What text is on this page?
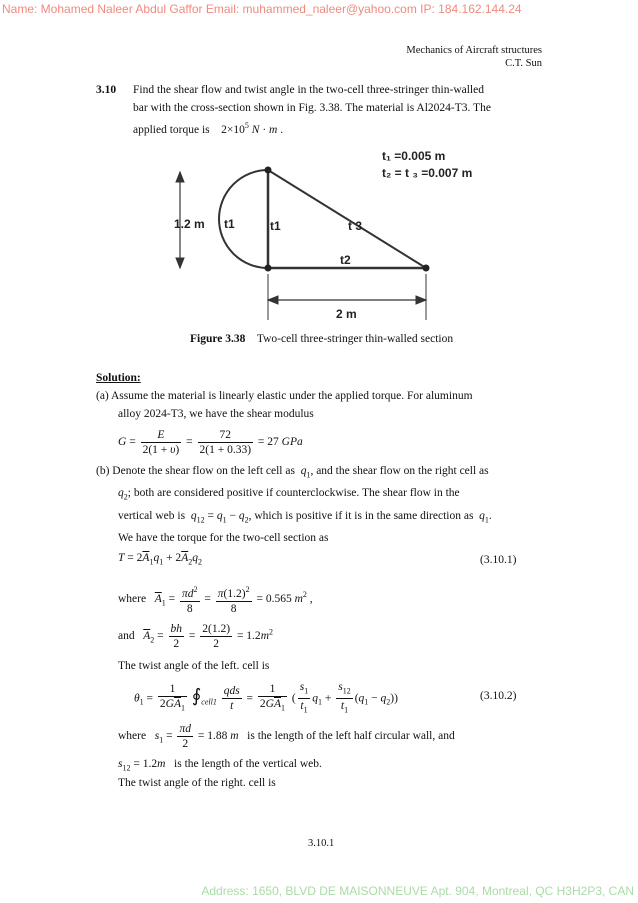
Name: Mohamed Naleer Abdul Gaffor Email: muhammed_naleer@yahoo.com IP: 184.162.144.24
Mechanics of Aircraft structures
C.T. Sun
3.10 Find the shear flow and twist angle in the two-cell three-stringer thin-walled
bar with the cross-section shown in Fig. 3.38. The material is Al2024-T3. The
applied torque is    $2\times 10^5$ N · m .
t₁ =0.005 m
t₂ = t ₃ =0.007 m
1.2 m t1	t1	t 3
t2
2 m
Figure 3.38 Two-cell three-stringer thin-walled section
Solution:
(a) Assume the material is linearly elastic under the applied torque. For aluminum
alloy 2024-T3, we have the shear modulus
$G = \frac{E}{2(1 + \upsilon)} = \frac{72}{2(1 + 0.33)} = 27$ GPa
(b) Denote the shear flow on the left cell as $q_1$, and the shear flow on the right cell as
$q_2$; both are considered positive if counterclockwise. The shear flow in the
vertical web is $q_{12} = q_1 - q_2$, which is positive if it is in the same direction as $q_1$.
We have the torque for the two-cell section as
$T = 2\overline{A}_1q_1 + 2\overline{A}_2q_2$	(3.10.1)
where $\overline{A}_1 = \frac{\pi d^2}{8} = \frac{\pi(1.2)^2}{8} = 0.565$ $m^2$ ,
and $\overline{A}_2 = \frac{bh}{2} = \frac{2(1.2)}{2} = 1.2m^2$
The twist angle of the left. cell is
$\theta_1 = \frac{1}{2G\overline{A}_1}$ $∮_{cell1} \frac{\text{qds}}{t} = \frac{1}{2G\overline{A}_1}$ ( $\frac{s_1}{t_1} q_1 + \frac{s_{12}}{t_1} (q_1 - q_2)$)	(3.10.2)
where $s_1 = \frac{\pi d}{2} = 1.88$ m is the length of the left half circular wall, and
$s_{12} = 1.2m$ is the length of the vertical web.
The twist angle of the right. cell is
3.10.1
Address: 1650, BLVD DE MAISONNEUVE Apt. 904, Montreal, QC H3H2P3, CAN
